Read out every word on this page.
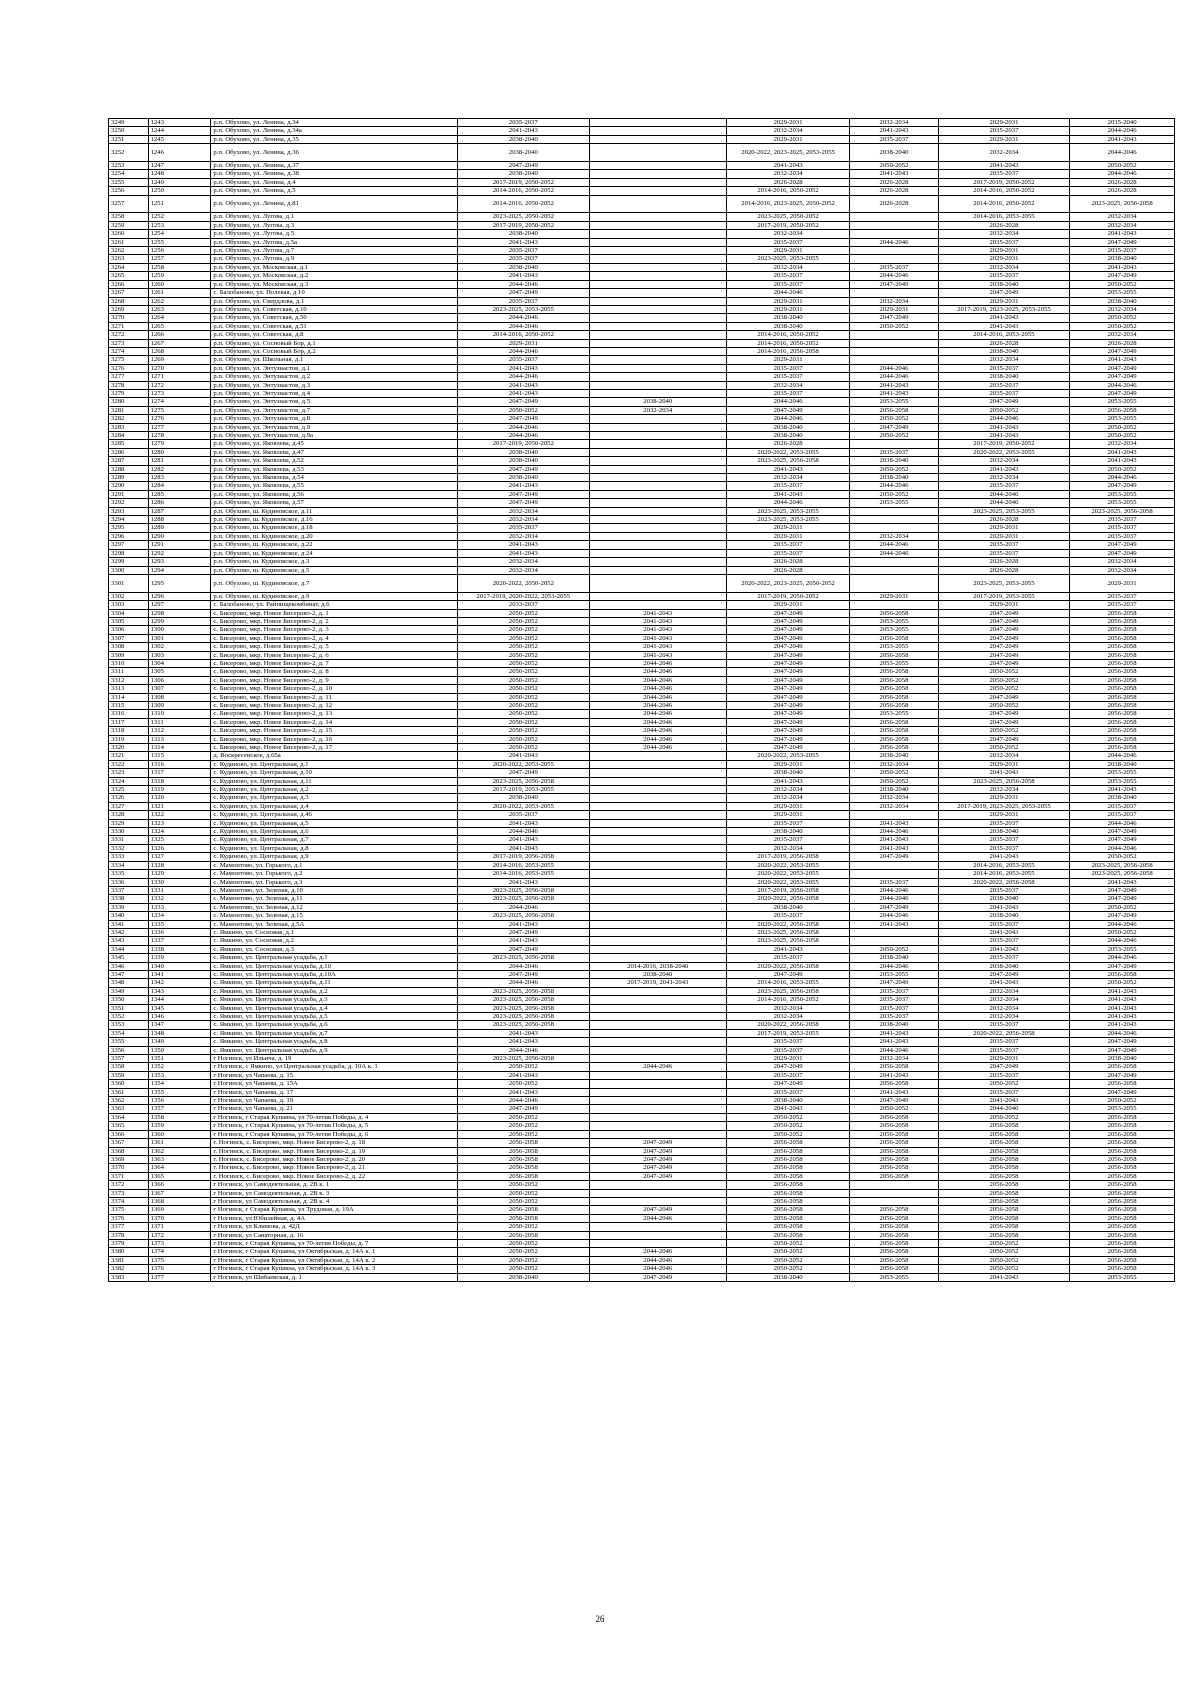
3249	1243	р.п. Обухово, ул. Ленина, д.34	2035-2037		2029-2031	2032-2034	2029-2031	2035-2040
3250	1244	р.п. Обухово, ул. Ленина, д.34а	2041-2043		2032-2034	2041-2043	2035-2037	2044-2046
3251	1245	р.п. Обухово, ул. Ленина, д.35	2038-2040		2029-2031	2035-2037	2029-2031	2041-2043
3252	1246	р.п. Обухово, ул. Ленина, д.36	2038-2040		2020-2022, 2023-2025, 2053-2055	2038-2040	2032-2034	2044-2046
3253	1247	р.п. Обухово, ул. Ленина, д.37	2047-2049		2041-2043	2050-2052	2041-2043	2050-2052
3254	1248	р.п. Обухово, ул. Ленина, д.38	2038-2040		2032-2034	2041-2043	2035-2037	2044-2046
3255	1249	р.п. Обухово, ул. Ленина, д.4	2017-2019, 2050-2052		2026-2028	2026-2028	2017-2019, 2050-2052	2026-2028
3256	1250	р.п. Обухово, ул. Ленина, д.5	2014-2016, 2050-2052		2014-2016, 2050-2052	2026-2028	2014-2016, 2050-2052	2026-2028
3257	1251	р.п. Обухово, ул. Ленина, д.81	2014-2016, 2050-2052		2014-2016, 2023-2025, 2050-2052	2026-2028	2014-2016, 2050-2052	2023-2025, 2056-2058
3258	1252	р.п. Обухово, ул. Лугова, д.1	2023-2025, 2050-2052		2023-2025, 2050-2052		2014-2016, 2053-2055	2032-2034
3259	1253	р.п. Обухово, ул. Лугова, д.3	2017-2019, 2050-2052		2017-2019, 2050-2052		2026-2028	2032-2034
3260	1254	р.п. Обухово, ул. Лугова, д.5	2038-2040		2032-2034		2032-2034	2041-2043
3261	1255	р.п. Обухово, ул. Лугова, д.5а	2041-2043		2035-2037	2044-2046	2035-2037	2047-2049
3262	1256	р.п. Обухово, ул. Лугова, д.7	2035-2037		2029-2031		2029-2031	2035-2037
3263	1257	р.п. Обухово, ул. Лугова, д.9	2035-2037		2023-2025, 2053-2055		2029-2031	2038-2040
3264	1258	р.п. Обухово, ул. Московская, д.1	2038-2040		2032-2034	2035-2037	2032-2034	2041-2043
3265	1259	р.п. Обухово, ул. Московская, д.2	2041-2043		2035-2037	2044-2046	2035-2037	2047-2049
3266	1260	р.п. Обухово, ул. Московская, д.3	2044-2046		2035-2037	2047-2049	2038-2040	2050-2052
3267	1261	с. Балобаново, ул. Полевая, д.10	2047-2049		2044-2046		2047-2049	2053-2055
3268	1262	р.п. Обухово, ул. Свердлова, д.1	2035-2037		2029-2031	2032-2034	2029-2031	2038-2040
3269	1263	р.п. Обухово, ул. Советская, д.10	2023-2025, 2053-2055		2029-2031	2029-2031	2017-2019, 2023-2025, 2053-2055	2032-2034
3270	1264	р.п. Обухово, ул. Советская, д.50	2044-2046		2038-2040	2047-2049	2041-2043	2050-2052
3271	1265	р.п. Обухово, ул. Советская, д.51	2044-2046		2038-2040	2050-2052	2041-2043	2050-2052
3272	1266	р.п. Обухово, ул. Советская, д.8	2014-2016, 2050-2052		2014-2016, 2050-2052		2014-2016, 2053-2055	2032-2034
3273	1267	р.п. Обухово, ул. Сосновый Бор, д.1	2029-2031		2014-2016, 2050-2052		2026-2028	2026-2028
3274	1268	р.п. Обухово, ул. Сосновый Бор, д.2	2044-2046		2014-2016, 2056-2058		2038-2040	2047-2049
3275	1269	р.п. Обухово, ул. Школьная, д.1	2035-2037		2029-2031		2032-2034	2041-2043
3276	1270	р.п. Обухово, ул. Энтузиастов, д.1	2041-2043		2035-2037	2044-2046	2035-2037	2047-2049
3277	1271	р.п. Обухово, ул. Энтузиастов, д.2	2044-2046		2035-2037	2044-2046	2038-2040	2047-2049
3278	1272	р.п. Обухово, ул. Энтузиастов, д.3	2041-2043		2032-2034	2041-2043	2035-2037	2044-2046
3279	1273	р.п. Обухово, ул. Энтузиастов, д.4	2041-2043		2035-2037	2041-2043	2035-2037	2047-2049
3280	1274	р.п. Обухово, ул. Энтузиастов, д.5	2047-2049	2038-2040	2044-2046	2053-2055	2047-2049	2053-2055
3281	1275	р.п. Обухово, ул. Энтузиастов, д.7	2050-2052	2032-2034	2047-2049	2056-2058	2050-2052	2056-2058
3282	1276	р.п. Обухово, ул. Энтузиастов, д.8	2047-2049		2044-2046	2050-2052	2044-2046	2053-2055
3283	1277	р.п. Обухово, ул. Энтузиастов, д.9	2044-2046		2038-2040	2047-2049	2041-2043	2050-2052
3284	1278	р.п. Обухово, ул. Энтузиастов, д.9а	2044-2046		2038-2040	2050-2052	2041-2043	2050-2052
3285	1279	р.п. Обухово, ул. Яковлева, д.45	2017-2019, 2050-2052		2026-2028		2017-2019, 2050-2052	2032-2034
3286	1280	р.п. Обухово, ул. Яковлева, д.47	2038-2040		2020-2022, 2053-2055	2035-2037	2020-2022, 2053-2055	2041-2043
3287	1281	р.п. Обухово, ул. Яковлева, д.52	2038-2040		2023-2025, 2056-2058	2038-2040	2032-2034	2041-2043
3288	1282	р.п. Обухово, ул. Яковлева, д.53	2047-2049		2041-2043	2050-2052	2041-2043	2050-2052
3289	1283	р.п. Обухово, ул. Яковлева, д.54	2038-2040		2032-2034	2038-2040	2032-2034	2044-2046
3290	1284	р.п. Обухово, ул. Яковлева, д.55	2041-2043		2035-2037	2044-2046	2035-2037	2047-2049
3291	1285	р.п. Обухово, ул. Яковлева, д.56	2047-2049		2041-2043	2050-2052	2044-2046	2053-2055
3292	1286	р.п. Обухово, ул. Яковлева, д.57	2047-2049		2044-2046	2053-2055	2044-2046	2053-2055
3293	1287	р.п. Обухово, ш. Кудиновское, д.11	2032-2034		2023-2025, 2053-2055		2023-2025, 2053-2055	2023-2025, 2056-2058
3294	1288	р.п. Обухово, ш. Кудиновское, д.16	2032-2034		2023-2025, 2053-2055		2026-2028	2035-2037
3295	1289	р.п. Обухово, ш. Кудиновское, д.18	2035-2037		2029-2031		2029-2031	2035-2037
3296	1290	р.п. Обухово, ш. Кудиновское, д.20	2032-2034		2029-2031	2032-2034	2029-2031	2035-2037
3297	1291	р.п. Обухово, ш. Кудиновское, д.22	2041-2043		2035-2037	2044-2046	2035-2037	2047-2049
3298	1292	р.п. Обухово, ш. Кудиновское, д.24	2041-2043		2035-2037	2044-2046	2035-2037	2047-2049
3299	1293	р.п. Обухово, ш. Кудиновское, д.3	2032-2034		2026-2028		2026-2028	2032-2034
3300	1294	р.п. Обухово, ш. Кудиновское, д.5	2032-2034		2026-2028		2026-2028	2032-2034
3301	1295	р.п. Обухово, ш. Кудиновское, д.7	2020-2022, 2050-2052		2020-2022, 2023-2025, 2050-2052		2023-2025, 2053-2055	2029-2031
3302	1296	р.п. Обухово, ш. Кудиновское, д.9	2017-2019, 2020-2022, 2053-2055		2017-2019, 2050-2052	2029-2031	2017-2019, 2053-2055	2035-2037
3303	1297	с. Балобаново, ул. Райпищекомбинат, д.6	2033-2037		2029-2031		2029-2031	2035-2037
3304	1298	с. Бисерово, мкр. Новое Бисерово-2, д. 1	2050-2052	2041-2043	2047-2049	2056-2058	2047-2049	2056-2058
3305	1299	с. Бисерово, мкр. Новое Бисерово-2, д. 2	2050-2052	2041-2043	2047-2049	2053-2055	2047-2049	2056-2058
3306	1300	с. Бисерово, мкр. Новое Бисерово-2, д. 3	2050-2052	2041-2043	2047-2049	2053-2055	2047-2049	2056-2058
3307	1301	с. Бисерово, мкр. Новое Бисерово-2, д. 4	2050-2052	2041-2043	2047-2049	2056-2058	2047-2049	2056-2058
3308	1302	с. Бисерово, мкр. Новое Бисерово-2, д. 5	2050-2052	2041-2043	2047-2049	2053-2055	2047-2049	2056-2058
3309	1303	с. Бисерово, мкр. Новое Бисерово-2, д. 6	2050-2052	2041-2043	2047-2049	2056-2058	2047-2049	2056-2058
3310	1304	с. Бисерово, мкр. Новое Бисерово-2, д. 7	2050-2052	2044-2046	2047-2049	2053-2055	2047-2049	2056-2058
3311	1305	с. Бисерово, мкр. Новое Бисерово-2, д. 8	2050-2052	2044-2046	2047-2049	2056-2058	2050-2052	2056-2058
3312	1306	с. Бисерово, мкр. Новое Бисерово-2, д. 9	2050-2052	2044-2046	2047-2049	2056-2058	2050-2052	2056-2058
3313	1307	с. Бисерово, мкр. Новое Бисерово-2, д. 10	2050-2052	2044-2046	2047-2049	2056-2058	2050-2052	2056-2058
3314	1308	с. Бисерово, мкр. Новое Бисерово-2, д. 11	2050-2052	2044-2046	2047-2049	2056-2058	2047-2049	2056-2058
3315	1309	с. Бисерово, мкр. Новое Бисерово-2, д. 12	2050-2052	2044-2046	2047-2049	2056-2058	2050-2052	2056-2058
3316	1310	с. Бисерово, мкр. Новое Бисерово-2, д. 13	2050-2052	2044-2046	2047-2049	2053-2055	2047-2049	2056-2058
3317	1311	с. Бисерово, мкр. Новое Бисерово-2, д. 14	2050-2052	2044-2046	2047-2049	2056-2058	2047-2049	2056-2058
3318	1312	с. Бисерово, мкр. Новое Бисерово-2, д. 15	2050-2052	2044-2046	2047-2049	2056-2058	2050-2052	2056-2058
3319	1313	с. Бисерово, мкр. Новое Бисерово-2, д. 16	2050-2052	2044-2046	2047-2049	2056-2058	2047-2049	2056-2058
3320	1314	с. Бисерово, мкр. Новое Бисерово-2, д. 17	2050-2052	2044-2046	2047-2049	2056-2058	2050-2052	2056-2058
3321	1315	д. Воскресенское, д.65а	2041-2043		2020-2022, 2053-2055	2038-2040	2032-2034	2044-2046
3322	1316	с. Кудиново, ул. Центральная, д.1	2020-2022, 2053-2055		2029-2031	2032-2034	2029-2031	2038-2040
3323	1317	с. Кудиново, ул. Центральная, д.10	2047-2049		2038-2040	2050-2052	2041-2043	2053-2055
3324	1318	с. Кудиново, ул. Центральная, д.11	2023-2025, 2056-2058		2041-2043	2050-2052	2023-2025, 2056-2058	2053-2055
3325	1319	с. Кудиново, ул. Центральная, д.2	2017-2019, 2053-2055		2032-2034	2038-2040	2032-2034	2041-2043
3326	1320	с. Кудиново, ул. Центральная, д.3	2038-2040		2032-2034	2032-2034	2029-2031	2038-2040
3327	1321	с. Кудиново, ул. Центральная, д.4	2020-2022, 2053-2055		2029-2031	2032-2034	2017-2019, 2023-2025, 2053-2055	2035-2037
3328	1322	с. Кудиново, ул. Центральная, д.46	2035-2037		2029-2031		2029-2031	2035-2037
3329	1323	с. Кудиново, ул. Центральная, д.5	2041-2043		2035-2037	2041-2043	2035-2037	2044-2046
3330	1324	с. Кудиново, ул. Центральная, д.6	2044-2046		2038-2040	2044-2046	2038-2040	2047-2049
3331	1325	с. Кудиново, ул. Центральная, д.7	2041-2043		2035-2037	2041-2043	2035-2037	2047-2049
3332	1326	с. Кудиново, ул. Центральная, д.8	2041-2043		2032-2034	2041-2043	2035-2037	2044-2046
3333	1327	с. Кудиново, ул. Центральная, д.9	2017-2019, 2056-2058		2017-2019, 2056-2058	2047-2049	2041-2043	2050-2052
3334	1328	с. Мамонтово, ул. Горького, д.1	2014-2016, 2053-2055		2020-2022, 2053-2055		2014-2016, 2053-2055	2023-2025, 2056-2058
3335	1329	с. Мамонтово, ул. Горького, д.2	2014-2016, 2053-2055		2020-2022, 2053-2055		2014-2016, 2053-2055	2023-2025, 2056-2058
3336	1330	с. Мамонтово, ул. Горького, д.3	2041-2043		2020-2022, 2053-2055	2035-2037	2020-2022, 2056-2058	2041-2043
3337	1331	с. Мамонтово, ул. Зеленая, д.10	2023-2025, 2056-2058		2017-2019, 2056-2058	2044-2046	2035-2037	2047-2049
3338	1332	с. Мамонтово, ул. Зеленая, д.11	2023-2025, 2056-2058		2020-2022, 2056-2058	2044-2046	2038-2040	2047-2049
3339	1333	с. Мамонтово, ул. Зеленая, д.12	2044-2046		2038-2040	2047-2049	2041-2043	2050-2052
3340	1334	с. Мамонтово, ул. Зеленая, д.15	2023-2025, 2056-2058		2035-2037	2044-2046	2038-2040	2047-2049
3341	1335	с. Мамонтово, ул. Зеленая, д.5А	2041-2043		2020-2022, 2056-2058	2041-2043	2035-2037	2044-2046
3342	1336	с. Ямкино, ул. Сосновая, д.1	2047-2049		2023-2025, 2056-2058		2041-2043	2050-2052
3343	1337	с. Ямкино, ул. Сосновая, д.2	2041-2043		2023-2025, 2056-2058		2035-2037	2044-2046
3344	1338	с. Ямкино, ул. Сосновая, д.3	2047-2049		2041-2043	2050-2052	2041-2043	2053-2055
3345	1339	с. Ямкино, ул. Центральная усадьба, д.1	2023-2025, 2056-2058		2035-2037	2038-2040	2035-2037	2044-2046
3346	1340	с. Ямкино, ул. Центральная усадьба, д.10	2044-2046	2014-2016, 2038-2040	2020-2022, 2056-2058	2044-2046	2038-2040	2047-2049
3347	1341	с. Ямкино, ул. Центральная усадьба, д.10А	2047-2049	2038-2040	2047-2049	2053-2055	2047-2049	2056-2058
3348	1342	с. Ямкино, ул. Центральная усадьба, д.11	2044-2046	2017-2019, 2041-2043	2014-2016, 2053-2055	2047-2049	2041-2043	2050-2052
3349	1343	с. Ямкино, ул. Центральная усадьба, д.2	2023-2025, 2056-2058		2023-2025, 2056-2058	2035-2037	2032-2034	2041-2043
3350	1344	с. Ямкино, ул. Центральная усадьба, д.3	2023-2025, 2056-2058		2014-2016, 2050-2052	2035-2037	2032-2034	2041-2043
3351	1345	с. Ямкино, ул. Центральная усадьба, д.4	2023-2025, 2056-2058		2032-2034	2035-2037	2032-2034	2041-2043
3352	1346	с. Ямкино, ул. Центральная усадьба, д.5	2023-2025, 2056-2058		2032-2034	2035-2037	2032-2034	2041-2043
3353	1347	с. Ямкино, ул. Центральная усадьба, д.6	2023-2025, 2056-2058		2020-2022, 2056-2058	2038-2040	2035-2037	2041-2043
3354	1348	с. Ямкино, ул. Центральная усадьба, д.7	2041-2043		2017-2019, 2053-2055	2041-2043	2020-2022, 2056-2058	2044-2046
3355	1349	с. Ямкино, ул. Центральная усадьба, д.8	2041-2043		2035-2037	2041-2043	2035-2037	2047-2049
3356	1350	с. Ямкино, ул. Центральная усадьба, д.9	2044-2046		2035-2037	2044-2046	2035-2037	2047-2049
3357	1351	г Ногинск, ул Ильича, д. 19	2023-2025, 2056-2058		2029-2031	2032-2034	2029-2031	2038-2040
3358	1352	г Ногинск, с Ямкино, ул Центральная усадьба, д. 10А к. 1	2050-2052	2044-2046	2047-2049	2056-2058	2047-2049	2056-2058
3359	1353	г Ногинск, ул Чапаева, д. 15	2041-2043		2035-2037	2041-2043	2035-2037	2047-2049
3360	1354	г Ногинск, ул Чапаева, д. 15А	2050-2052		2047-2049	2056-2058	2050-2052	2056-2058
3361	1355	г Ногинск, ул Чапаева, д. 17	2041-2043		2035-2037	2041-2043	2035-2037	2047-2049
3362	1356	г Ногинск, ул Чапаева, д. 19	2044-2046		2038-2040	2047-2049	2041-2043	2050-2052
3363	1357	г Ногинск, ул Чапаева, д. 21	2047-2049		2041-2043	2050-2052	2044-2046	2053-2055
3364	1358	г Ногинск, г Старая Купавна, ул 70-летия Победы, д. 4	2050-2052		2050-2052	2056-2058	2050-2052	2056-2058
3365	1359	г Ногинск, г Старая Купавна, ул 70-летия Победы, д. 5	2050-2052		2050-2052	2056-2058	2056-2058	2056-2058
3366	1360	г Ногинск, г Старая Купавна, ул 70-летия Победы, д. 6	2050-2052		2050-2052	2056-2058	2056-2058	2056-2058
3367	1361	г. Ногинск, с. Бисерово, мкр. Новое Бисерово-2, д. 18	2056-2058	2047-2049	2056-2058	2056-2058	2056-2058	2056-2058
3368	1362	г. Ногинск, с. Бисерово, мкр. Новое Бисерово-2, д. 19	2056-2058	2047-2049	2056-2058	2056-2058	2056-2058	2056-2058
3369	1363	г. Ногинск, с. Бисерово, мкр. Новое Бисерово-2, д. 20	2056-2058	2047-2049	2056-2058	2056-2058	2056-2058	2056-2058
3370	1364	г. Ногинск, с. Бисерово, мкр. Новое Бисерово-2, д. 21	2056-2058	2047-2049	2056-2058	2056-2058	2056-2058	2056-2058
3371	1365	г. Ногинск, с. Бисерово, мкр. Новое Бисерово-2, д. 22	2056-2058	2047-2049	2056-2058	2056-2058	2056-2058	2056-2058
3372	1366	г Ногинск, ул Самодеятельная, д. 2В к. 1	2050-2052		2056-2058		2056-2058	2056-2058
3373	1367	г Ногинск, ул Самодеятельная, д. 2В к. 3	2050-2052		2056-2058		2056-2058	2056-2058
3374	1368	г Ногинск, ул Самодеятельная, д. 2В к. 4	2050-2052		2056-2058		2056-2058	2056-2058
3375	1369	г Ногинск, г Старая Купавна, ул Трудовая, д. 19А	2056-2058	2047-2049	2056-2058	2056-2058	2056-2058	2056-2058
3376	1370	г Ногинск, ул Юбилейная, д. 4А	2056-2058	2044-2046	2056-2058	2056-2058	2056-2058	2056-2058
3377	1371	г Ногинск, ул Климова, д. 42Д	2050-2052		2056-2058	2056-2058	2056-2058	2056-2058
3378	1372	г Ногинск, ул Санаторная, д. 16	2056-2058		2056-2058	2056-2058	2056-2058	2056-2058
3379	1373	г Ногинск, г Старая Купавна, ул 70-летия Победы, д. 7	2050-2052		2050-2052	2056-2058	2050-2052	2056-2058
3380	1374	г Ногинск, г Старая Купавна, ул Октябрьская, д. 14А к. 1	2050-2052	2044-2046	2050-2052	2056-2058	2050-2052	2056-2058
3381	1375	г Ногинск, г Старая Купавна, ул Октябрьская, д. 14А к. 2	2050-2052	2044-2046	2050-2052	2056-2058	2050-2052	2056-2058
3382	1376	г Ногинск, г Старая Купавна, ул Октябрьская, д. 14А к. 3	2050-2052	2044-2046	2050-2052	2056-2058	2050-2052	2056-2058
3383	1377	г Ногинск, ул Шибаевская, д. 1	2038-2040	2047-2049	2038-2040	2053-2055	2041-2043	2053-2055
26
